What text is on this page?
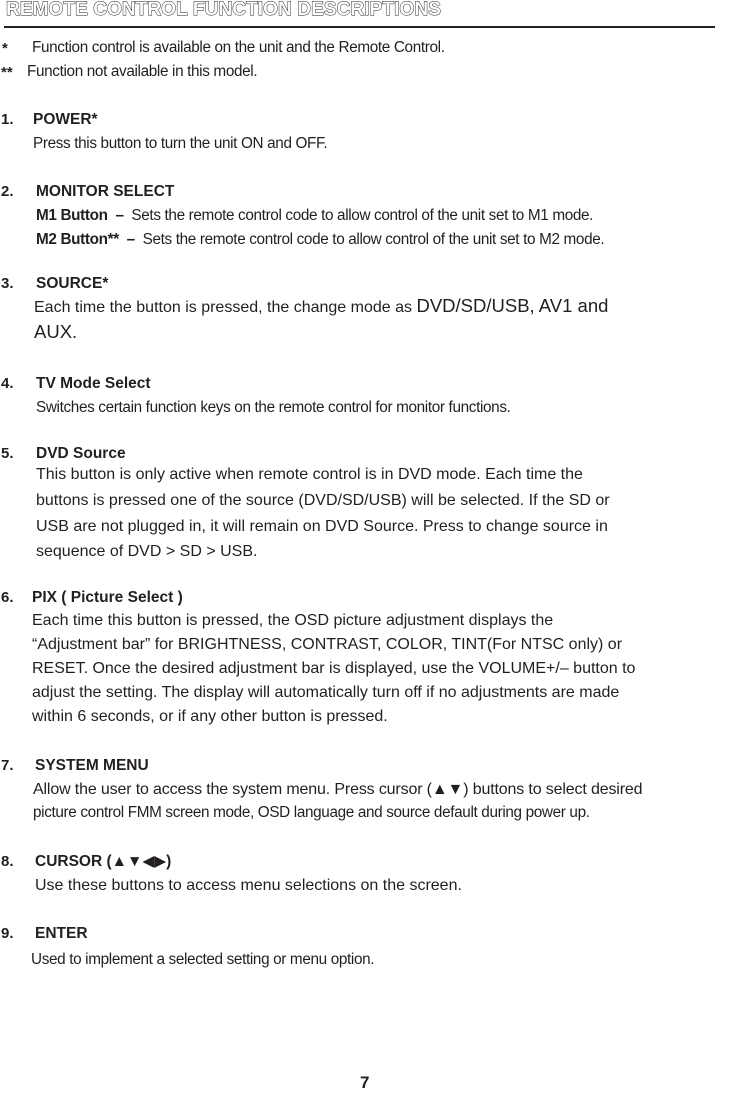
REMOTE CONTROL FUNCTION DESCRIPTIONS
* Function control is available on the unit and the Remote Control.
** Function not available in this model.
1. POWER*
Press this button to turn the unit ON and OFF.
2. MONITOR SELECT
M1 Button – Sets the remote control code to allow control of the unit set to M1 mode.
M2 Button** – Sets the remote control code to allow control of the unit set to M2 mode.
3. SOURCE*
Each time the button is pressed, the change mode as DVD/SD/USB, AV1 and
AUX.
4. TV Mode Select
Switches certain function keys on the remote control for monitor functions.
5. DVD Source
This button is only active when remote control is in DVD mode. Each time the
buttons is pressed one of the source (DVD/SD/USB) will be selected. If the SD or
USB are not plugged in, it will remain on DVD Source. Press to change source in
sequence of DVD > SD > USB.
6. PIX ( Picture Select )
Each time this button is pressed, the OSD picture adjustment displays the
“Adjustment bar” for BRIGHTNESS, CONTRAST, COLOR, TINT(For NTSC only) or
RESET. Once the desired adjustment bar is displayed, use the VOLUME+/– button to
adjust the setting. The display will automatically turn off if no adjustments are made
within 6 seconds, or if any other button is pressed.
7. SYSTEM MENU
Allow the user to access the system menu. Press cursor (▲▼) buttons to select desired
picture control FMM screen mode, OSD language and source default during power up.
8. CURSOR (▲▼◀▶)
Use these buttons to access menu selections on the screen.
9. ENTER
Used to implement a selected setting or menu option.
7
